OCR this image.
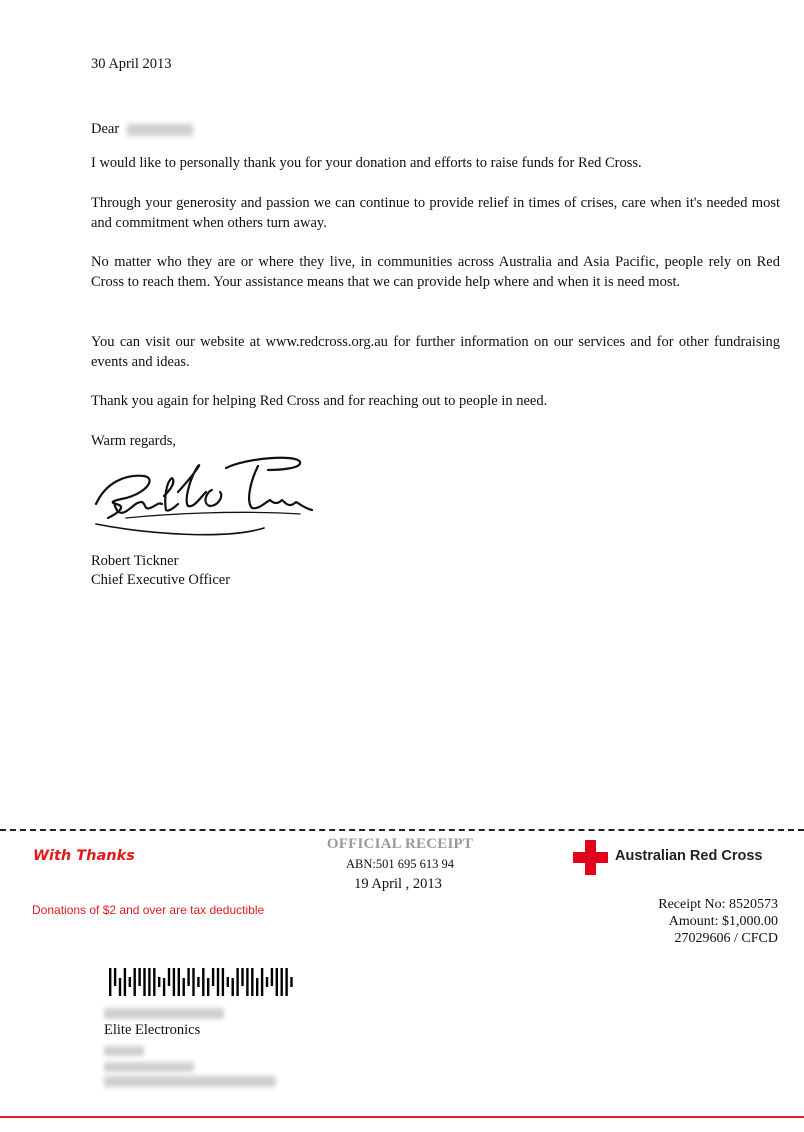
30 April 2013
Dear
I would like to personally thank you for your donation and efforts to raise funds for Red Cross.
Through your generosity and passion we can continue to provide relief in times of crises, care when it's needed most and commitment when others turn away.
No matter who they are or where they live, in communities across Australia and Asia Pacific, people rely on Red Cross to reach them. Your assistance means that we can provide help where and when it is need most.
You can visit our website at www.redcross.org.au for further information on our services and for other fundraising events and ideas.
Thank you again for helping Red Cross and for reaching out to people in need.
Warm regards,
Robert Tickner
Chief Executive Officer
With Thanks
Donations of $2 and over are tax deductible
OFFICIAL RECEIPT
ABN:501 695 613 94
19 April , 2013
Australian Red Cross
Receipt No: 8520573
Amount: $1,000.00
27029606 / CFCD
Elite Electronics
